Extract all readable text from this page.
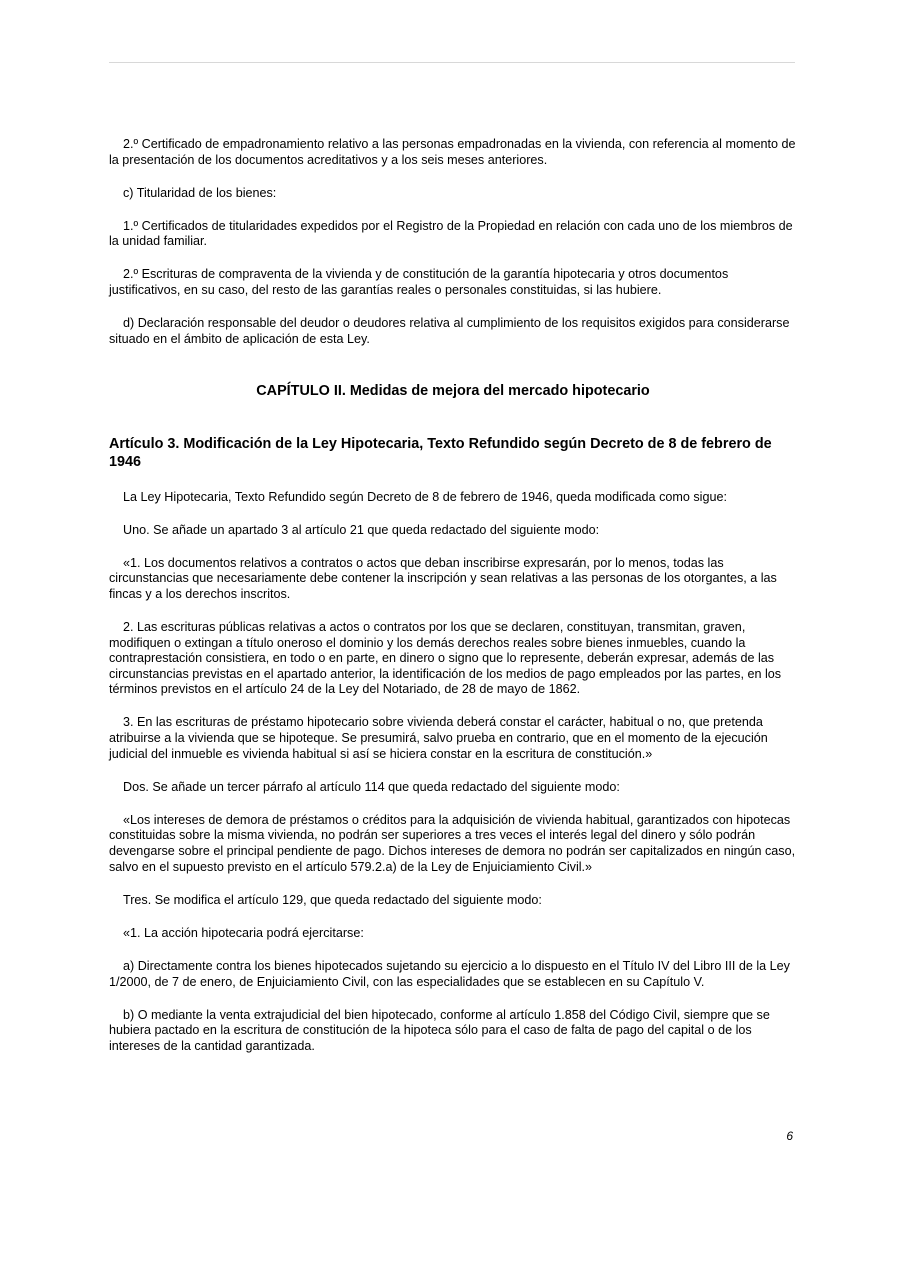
2.º Certificado de empadronamiento relativo a las personas empadronadas en la vivienda, con referencia al momento de la presentación de los documentos acreditativos y a los seis meses anteriores.

c) Titularidad de los bienes:

1.º Certificados de titularidades expedidos por el Registro de la Propiedad en relación con cada uno de los miembros de la unidad familiar.

2.º Escrituras de compraventa de la vivienda y de constitución de la garantía hipotecaria y otros documentos justificativos, en su caso, del resto de las garantías reales o personales constituidas, si las hubiere.

d) Declaración responsable del deudor o deudores relativa al cumplimiento de los requisitos exigidos para considerarse situado en el ámbito de aplicación de esta Ley.

CAPÍTULO II. Medidas de mejora del mercado hipotecario
Artículo 3. Modificación de la Ley Hipotecaria, Texto Refundido según Decreto de 8 de febrero de 1946

La Ley Hipotecaria, Texto Refundido según Decreto de 8 de febrero de 1946, queda modificada como sigue:

Uno. Se añade un apartado 3 al artículo 21 que queda redactado del siguiente modo:

«1. Los documentos relativos a contratos o actos que deban inscribirse expresarán, por lo menos, todas las circunstancias que necesariamente debe contener la inscripción y sean relativas a las personas de los otorgantes, a las fincas y a los derechos inscritos.

2. Las escrituras públicas relativas a actos o contratos por los que se declaren, constituyan, transmitan, graven, modifiquen o extingan a título oneroso el dominio y los demás derechos reales sobre bienes inmuebles, cuando la contraprestación consistiera, en todo o en parte, en dinero o signo que lo represente, deberán expresar, además de las circunstancias previstas en el apartado anterior, la identificación de los medios de pago empleados por las partes, en los términos previstos en el artículo 24 de la Ley del Notariado, de 28 de mayo de 1862.

3. En las escrituras de préstamo hipotecario sobre vivienda deberá constar el carácter, habitual o no, que pretenda atribuirse a la vivienda que se hipoteque. Se presumirá, salvo prueba en contrario, que en el momento de la ejecución judicial del inmueble es vivienda habitual si así se hiciera constar en la escritura de constitución.»

Dos. Se añade un tercer párrafo al artículo 114 que queda redactado del siguiente modo:

«Los intereses de demora de préstamos o créditos para la adquisición de vivienda habitual, garantizados con hipotecas constituidas sobre la misma vivienda, no podrán ser superiores a tres veces el interés legal del dinero y sólo podrán devengarse sobre el principal pendiente de pago. Dichos intereses de demora no podrán ser capitalizados en ningún caso, salvo en el supuesto previsto en el artículo 579.2.a) de la Ley de Enjuiciamiento Civil.»

Tres. Se modifica el artículo 129, que queda redactado del siguiente modo:

«1. La acción hipotecaria podrá ejercitarse:

a) Directamente contra los bienes hipotecados sujetando su ejercicio a lo dispuesto en el Título IV del Libro III de la Ley 1/2000, de 7 de enero, de Enjuiciamiento Civil, con las especialidades que se establecen en su Capítulo V.

b) O mediante la venta extrajudicial del bien hipotecado, conforme al artículo 1.858 del Código Civil, siempre que se hubiera pactado en la escritura de constitución de la hipoteca sólo para el caso de falta de pago del capital o de los intereses de la cantidad garantizada.

6
